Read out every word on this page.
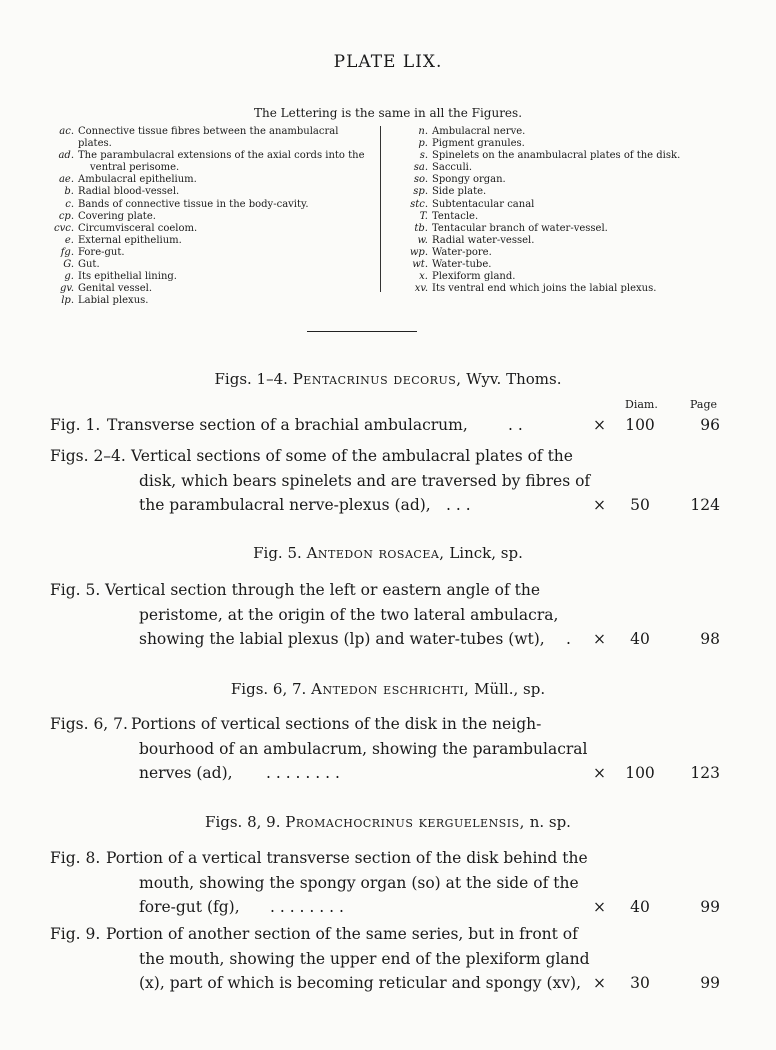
PLATE LIX.
The Lettering is the same in all the Figures.
ac. Connective tissue fibres between the anambulacral plates.
ad. The parambulacral extensions of the axial cords into the
ventral perisome.
ae. Ambulacral epithelium.
b. Radial blood-vessel.
c. Bands of connective tissue in the body-cavity.
cp. Covering plate.
cvc. Circumvisceral coelom.
e. External epithelium.
fg. Fore-gut.
G. Gut.
g. Its epithelial lining.
gv. Genital vessel.
lp. Labial plexus.
n. Ambulacral nerve.
p. Pigment granules.
s. Spinelets on the anambulacral plates of the disk.
sa. Sacculi.
so. Spongy organ.
sp. Side plate.
stc. Subtentacular canal
T. Tentacle.
tb. Tentacular branch of water-vessel.
w. Radial water-vessel.
wp. Water-pore.
wt. Water-tube.
x. Plexiform gland.
xv. Its ventral end which joins the labial plexus.
Figs. 1–4. Pentacrinus decorus, Wyv. Thoms.
Diam.	Page
Fig. 1. Transverse section of a brachial ambulacrum,	. .	×	100	96
Figs. 2–4. Vertical sections of some of the ambulacral plates of the
disk, which bears spinelets and are traversed by fibres of
the parambulacral nerve-plexus (ad), . . .	×	50	124
Fig. 5. Antedon rosacea, Linck, sp.
Fig. 5. Vertical section through the left or eastern angle of the
peristome, at the origin of the two lateral ambulacra,
showing the labial plexus (lp) and water-tubes (wt), . ×	40	98
Figs. 6, 7. Antedon eschrichti, Müll., sp.
Figs. 6, 7. Portions of vertical sections of the disk in the neigh-
bourhood of an ambulacrum, showing the parambulacral
nerves (ad), . . . . . . . .	×	100	123
Figs. 8, 9. Promachocrinus kerguelensis, n. sp.
Fig. 8. Portion of a vertical transverse section of the disk behind the
mouth, showing the spongy organ (so) at the side of the
fore-gut (fg), . . . . . . . .	×	40	99
Fig. 9. Portion of another section of the same series, but in front of
the mouth, showing the upper end of the plexiform gland
(x), part of which is becoming reticular and spongy (xv), ×	30	99
